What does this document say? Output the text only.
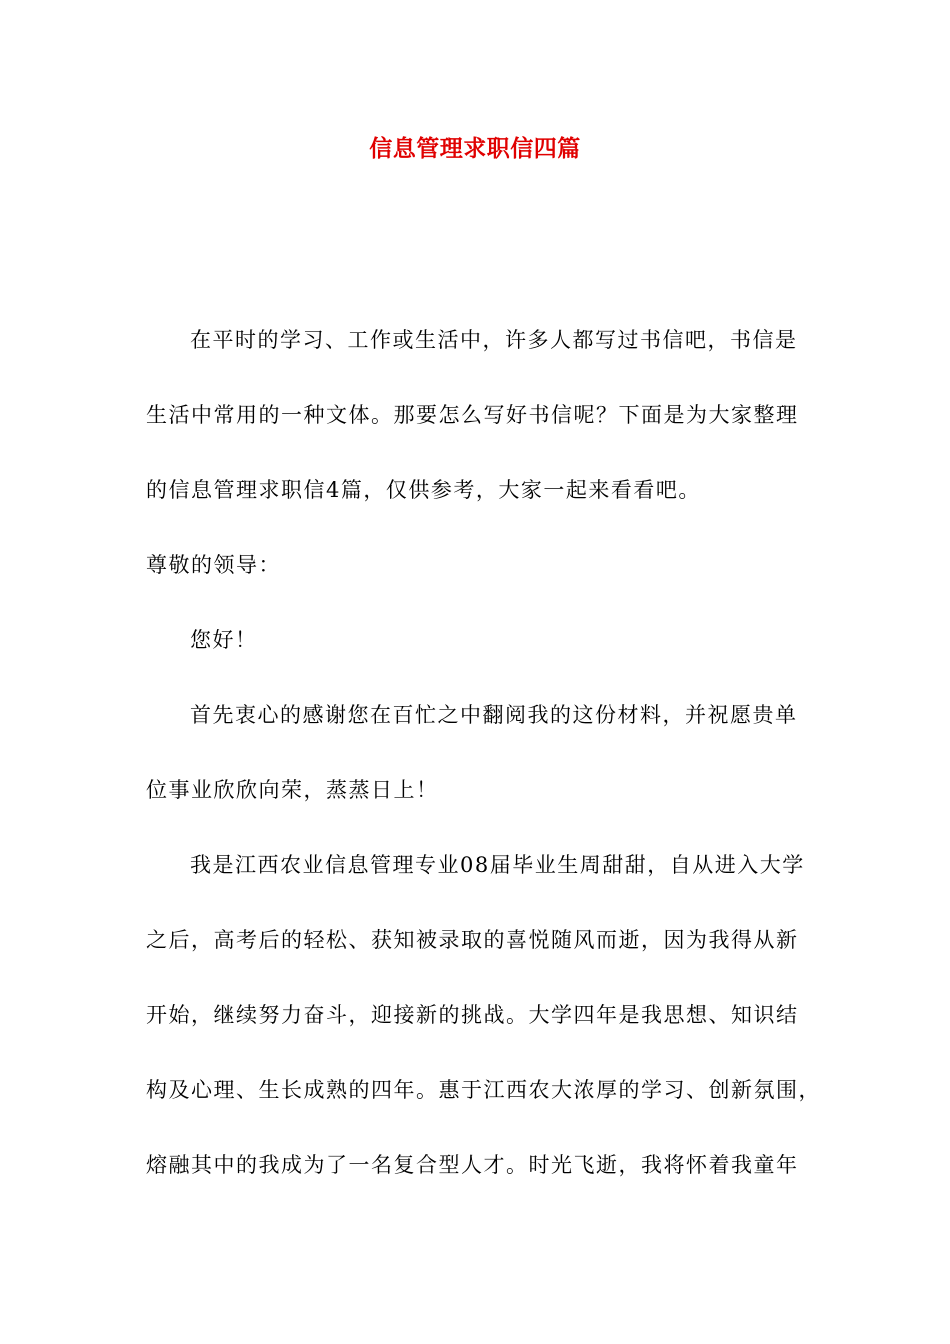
信息管理求职信四篇
在平时的学习、工作或生活中，许多人都写过书信吧，书信是
生活中常用的一种文体。那要怎么写好书信呢？下面是为大家整理
的信息管理求职信4篇，仅供参考，大家一起来看看吧。
尊敬的领导：
您好！
首先衷心的感谢您在百忙之中翻阅我的这份材料，并祝愿贵单
位事业欣欣向荣，蒸蒸日上！
我是江西农业信息管理专业08届毕业生周甜甜，自从进入大学
之后，高考后的轻松、获知被录取的喜悦随风而逝，因为我得从新
开始，继续努力奋斗，迎接新的挑战。大学四年是我思想、知识结
构及心理、生长成熟的四年。惠于江西农大浓厚的学习、创新氛围，
熔融其中的我成为了一名复合型人才。时光飞逝，我将怀着我童年
